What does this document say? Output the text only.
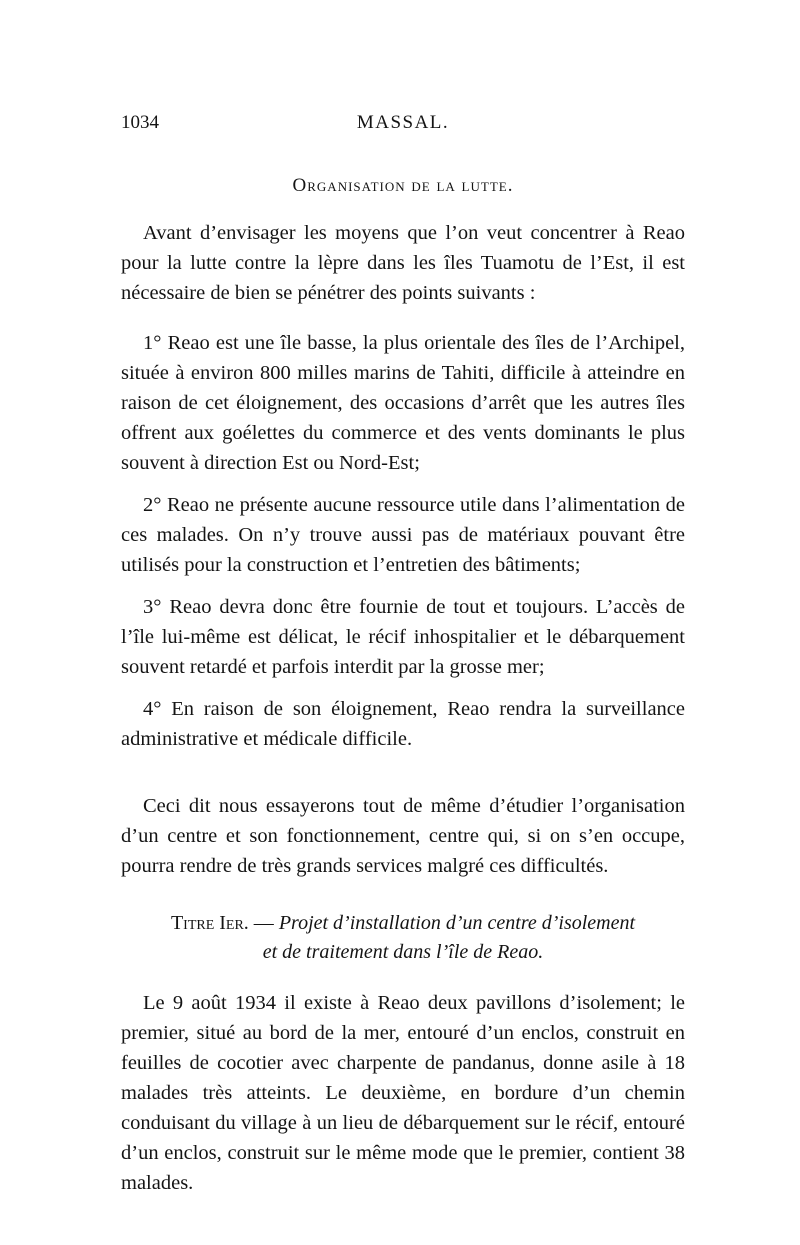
1034	MASSAL.
Organisation de la lutte.

Avant d’envisager les moyens que l’on veut concentrer à Reao pour la lutte contre la lèpre dans les îles Tuamotu de l’Est, il est nécessaire de bien se pénétrer des points suivants :

1° Reao est une île basse, la plus orientale des îles de l’Archipel, située à environ 800 milles marins de Tahiti, difficile à atteindre en raison de cet éloignement, des occasions d’arrêt que les autres îles offrent aux goélettes du commerce et des vents dominants le plus souvent à direction Est ou Nord-Est;

2° Reao ne présente aucune ressource utile dans l’alimentation de ces malades. On n’y trouve aussi pas de matériaux pouvant être utilisés pour la construction et l’entretien des bâtiments;

3° Reao devra donc être fournie de tout et toujours. L’accès de l’île lui-même est délicat, le récif inhospitalier et le débarquement souvent retardé et parfois interdit par la grosse mer;

4° En raison de son éloignement, Reao rendra la surveillance administrative et médicale difficile.

Ceci dit nous essayerons tout de même d’étudier l’organisation d’un centre et son fonctionnement, centre qui, si on s’en occupe, pourra rendre de très grands services malgré ces difficultés.

Titre Ier. — Projet d’installation d’un centre d’isolement
et de traitement dans l’île de Reao.

Le 9 août 1934 il existe à Reao deux pavillons d’isolement; le premier, situé au bord de la mer, entouré d’un enclos, construit en feuilles de cocotier avec charpente de pandanus, donne asile à 18 malades très atteints. Le deuxième, en bordure d’un chemin conduisant du village à un lieu de débarquement sur le récif, entouré d’un enclos, construit sur le même mode que le premier, contient 38 malades.
